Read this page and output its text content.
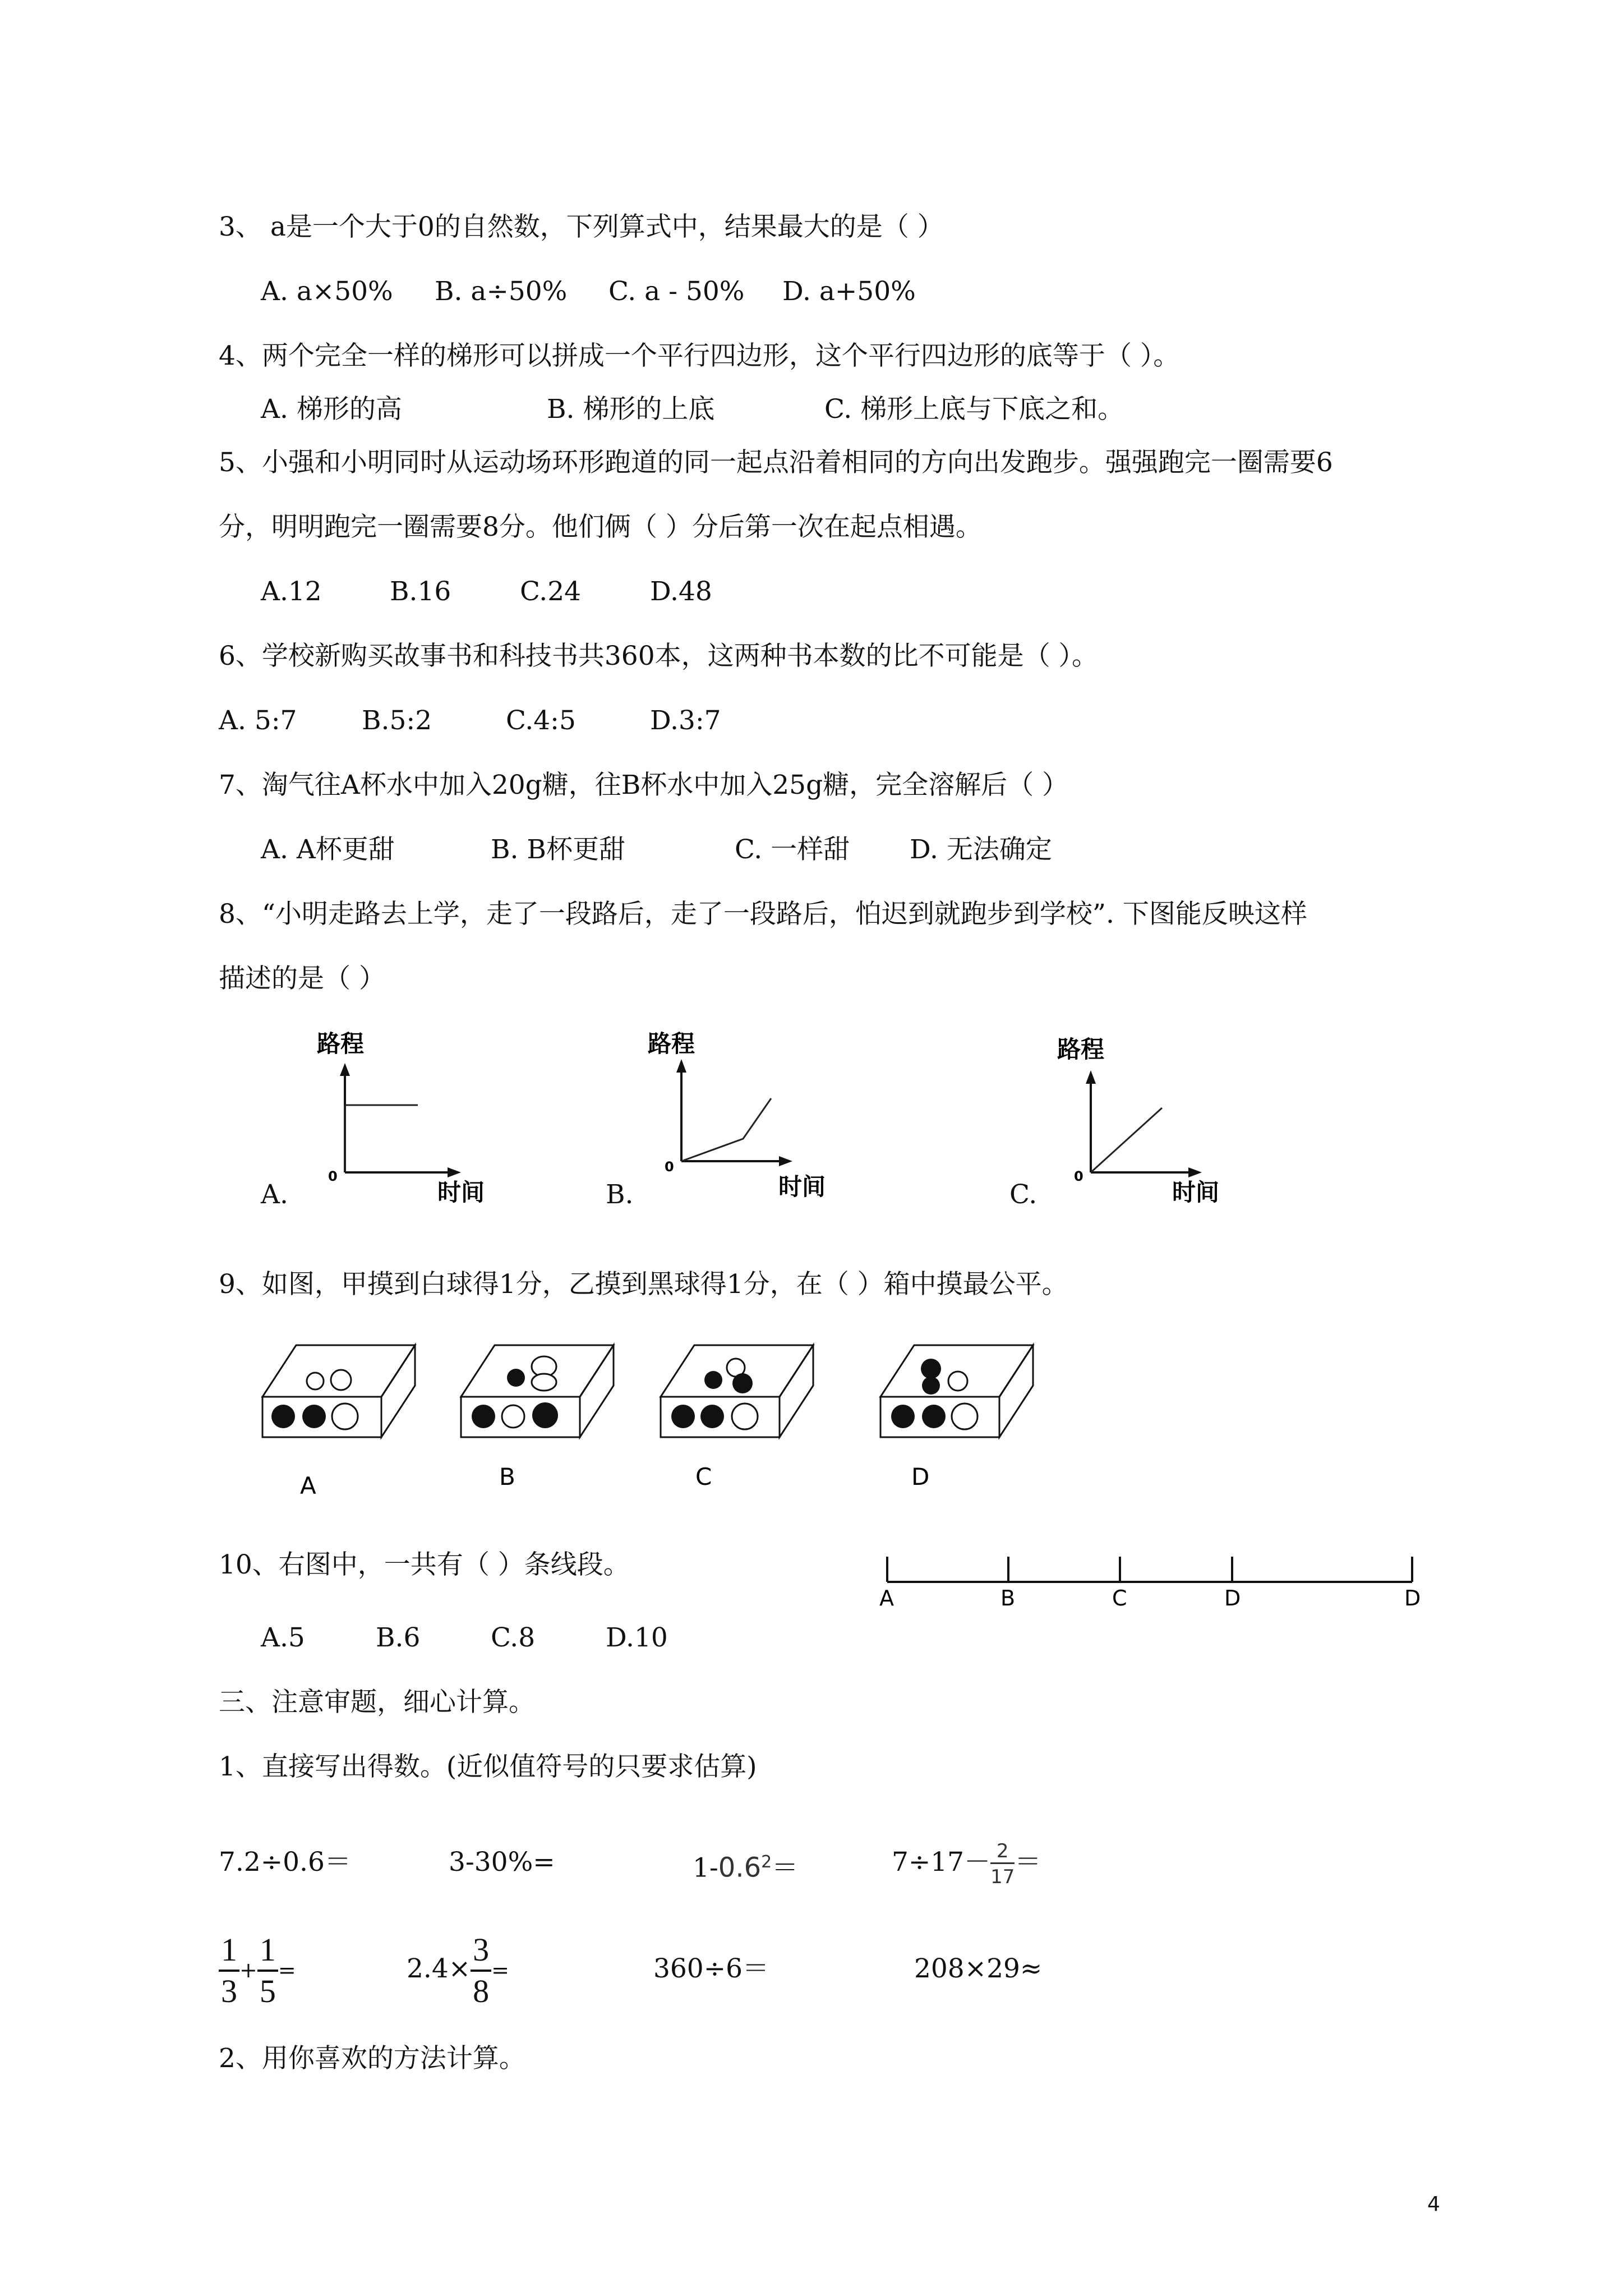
3、 a是一个大于0的自然数，下列算式中，结果最大的是（ ）
A. a×50% B. a÷50% C. a - 50% D. a+50%
4、两个完全一样的梯形可以拼成一个平行四边形，这个平行四边形的底等于（ ）。
A. 梯形的高	B. 梯形的上底	C. 梯形上底与下底之和。
5、小强和小明同时从运动场环形跑道的同一起点沿着相同的方向出发跑步。强强跑完一圈需要6
分，明明跑完一圈需要8分。他们俩（ ）分后第一次在起点相遇。
A.12	B.16	C.24	D.48
6、学校新购买故事书和科技书共360本，这两种书本数的比不可能是（ ）。
A. 5:7 B.5:2	C.4:5	D.3:7
7、淘气往A杯水中加入20g糖，往B杯水中加入25g糖，完全溶解后（ ）
A. A杯更甜	B. B杯更甜	C. 一样甜 D. 无法确定
8、“小明走路去上学，走了一段路后，走了一段路后，怕迟到就跑步到学校”. 下图能反映这样
描述的是（ ）
A.
路程
0
时间	B.
路程
0
时间	C.
路程
0
时间
9、如图，甲摸到白球得1分，乙摸到黑球得1分，在（ ）箱中摸最公平。
A	B	C	D
10、右图中，一共有（ ）条线段。
A	B	C	D	D
A.5	B.6	C.8	D.10
三、注意审题，细心计算。
1、直接写出得数。(近似值符号的只要求估算)
7.2÷0.6＝	3-30%=	$1-0.6^2=$	$7\div 17- \frac{2}{17}$ ＝
$\frac{1}{3} + \frac{1}{5}$ =	$2.4\times \frac{3}{8}$ =	360÷6＝	208×29≈
2、用你喜欢的方法计算。
4
